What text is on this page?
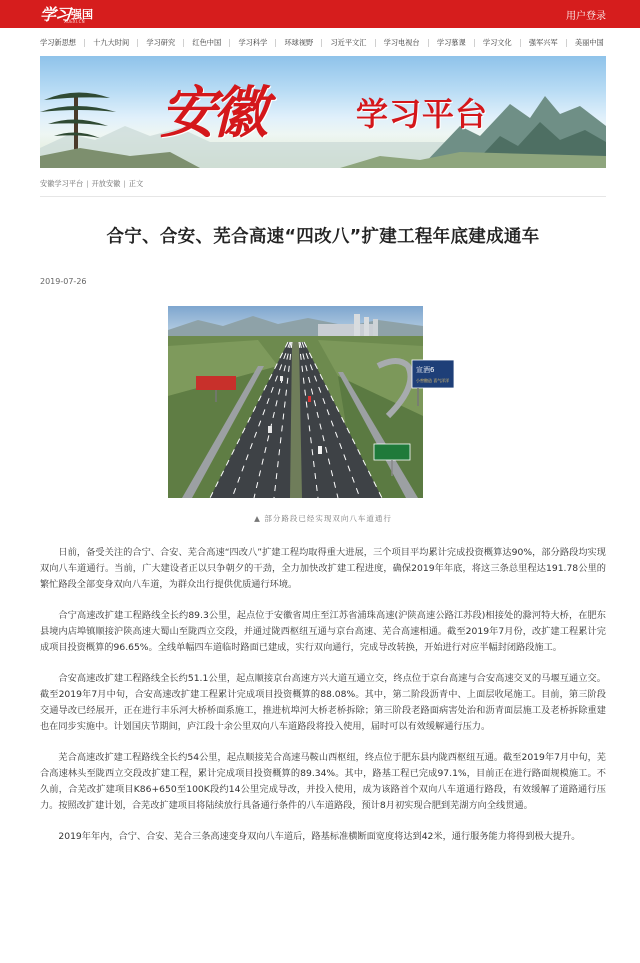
学习 强国
XUEXI.CN	用户登录
学习新思想 十九大时间 学习研究 红色中国 学习科学 环球视野 习近平文汇 学习电视台 学习慕课 学习文化 强军兴军 美丽中国
安徽	学习平台
安徽学习平台 | 开放安徽 | 正文
合宁、合安、芜合高速“四改八”扩建工程年底建成通车
2019-07-26
宣酒6
小窖酿造 喜气洋洋
▲ 部分路段已经实现双向八车道通行

日前，备受关注的合宁、合安、芜合高速“四改八”扩建工程均取得重大进展，三个项目平均累计完成投资概算达90%，部分路段均实现双向八车道通行。当前，广大建设者正以只争朝夕的干劲，全力加快改扩建工程进度，确保2019年年底，将这三条总里程达191.78公里的繁忙路段全部变身双向八车道，为群众出行提供优质通行环境。

合宁高速改扩建工程路线全长约89.3公里，起点位于安徽省周庄至江苏省浦珠高速(沪陕高速公路江苏段)相接处的滁河特大桥，在肥东县境内店埠镇顺接沪陕高速大蜀山至陇西立交段，并通过陇西枢纽互通与京台高速、芜合高速相通。截至2019年7月份，改扩建工程累计完成项目投资概算的96.65%。全线单幅四车道临时路面已建成，实行双向通行，完成导改转换，开始进行对应半幅封闭路段施工。

合安高速改扩建工程路线全长约51.1公里，起点顺接京台高速方兴大道互通立交，终点位于京台高速与合安高速交叉的马堰互通立交。截至2019年7月中旬，合安高速改扩建工程累计完成项目投资概算的88.08%。其中，第二阶段沥青中、上面层收尾施工。目前，第三阶段交通导改已经展开，正在进行丰乐河大桥桥面系施工，推进杭埠河大桥老桥拆除；第三阶段老路面病害处治和沥青面层施工及老桥拆除重建也在同步实施中。计划国庆节期间，庐江段十余公里双向八车道路段将投入使用，届时可以有效缓解通行压力。

芜合高速改扩建工程路线全长约54公里，起点顺接芜合高速马鞍山西枢纽，终点位于肥东县内陇西枢纽互通。截至2019年7月中旬，芜合高速林头至陇西立交段改扩建工程，累计完成项目投资概算的89.34%。其中，路基工程已完成97.1%，目前正在进行路面规模施工。不久前，合芜改扩建项目K86+650至100K段约14公里完成导改，并投入使用，成为该路首个双向八车道通行路段，有效缓解了道路通行压力。按照改扩建计划，合芜改扩建项目将陆续放行具备通行条件的八车道路段，预计8月初实现合肥到芜湖方向全线贯通。

2019年年内，合宁、合安、芜合三条高速变身双向八车道后，路基标准横断面宽度将达到42米，通行服务能力将得到极大提升。
